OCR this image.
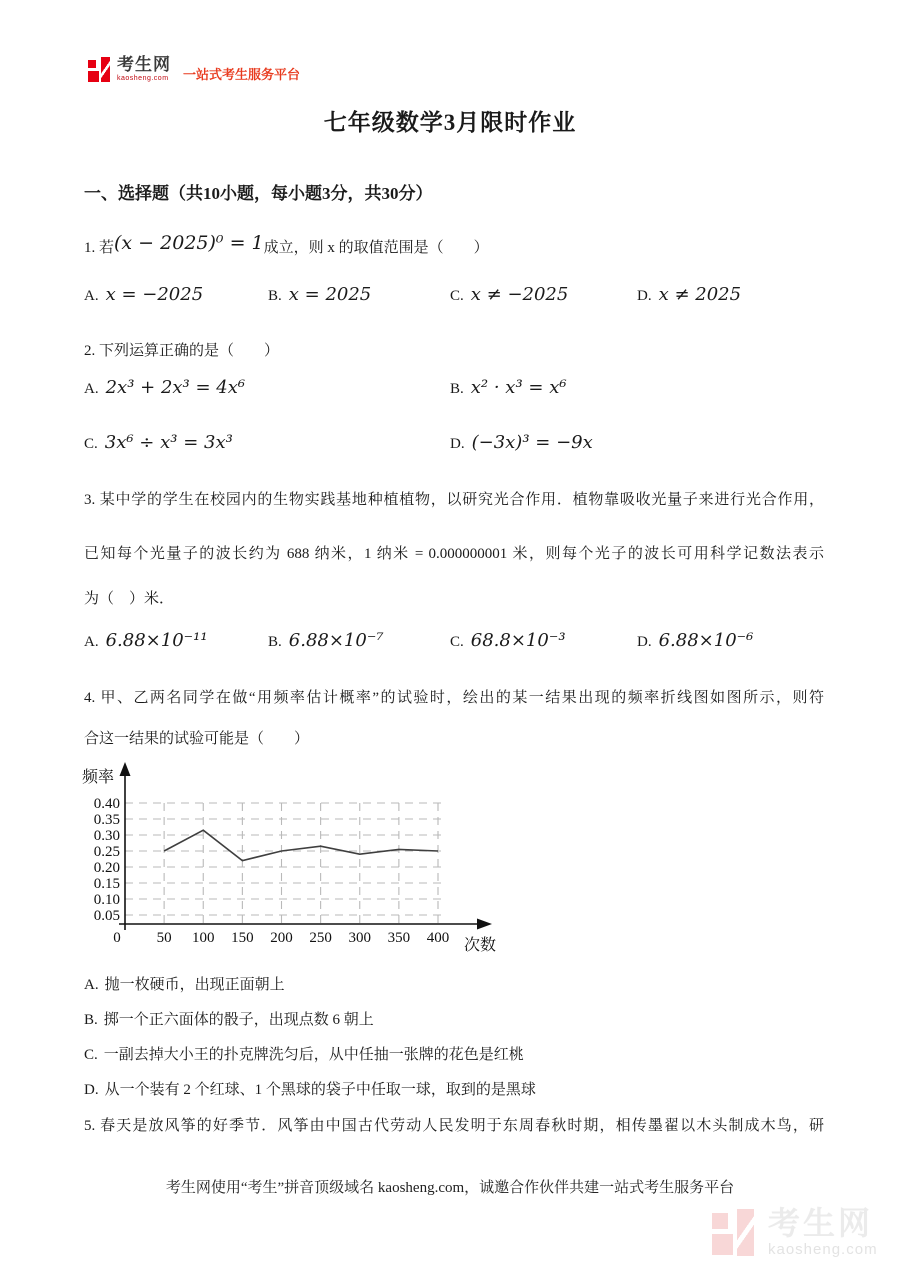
考生网
kaosheng.com 一站式考生服务平台
七年级数学3月限时作业
一、选择题（共10小题，每小题3分，共30分）
1. 若(x − 2025)⁰ = 1成立，则 x 的取值范围是（　　）
A. x = −2025	B. x = 2025	C. x ≠ −2025	D. x ≠ 2025
2. 下列运算正确的是（　　）
A. 2x³ + 2x³ = 4x⁶	B. x² · x³ = x⁶
C. 3x⁶ ÷ x³ = 3x³	D. (−3x)³ = −9x
3. 某中学的学生在校园内的生物实践基地种植植物，以研究光合作用．植物靠吸收光量子来进行光合作用，
已知每个光量子的波长约为 688 纳米，1 纳米 = 0.000000001 米，则每个光子的波长可用科学记数法表示
为（　）米．
A. 6.88×10⁻¹¹	B. 6.88×10⁻⁷	C. 68.8×10⁻³	D. 6.88×10⁻⁶
4. 甲、乙两名同学在做“用频率估计概率”的试验时，绘出的某一结果出现的频率折线图如图所示，则符
合这一结果的试验可能是（　　）
0.05
0.10
0.15
0.20
0.25
0.30
0.35
0.40
0 50 100 150 200 250 300 350 400
频率
次数
A. 抛一枚硬币，出现正面朝上
B. 掷一个正六面体的骰子，出现点数 6 朝上
C. 一副去掉大小王的扑克牌洗匀后，从中任抽一张牌的花色是红桃
D. 从一个装有 2 个红球、1 个黑球的袋子中任取一球，取到的是黑球
5. 春天是放风筝的好季节．风筝由中国古代劳动人民发明于东周春秋时期，相传墨翟以木头制成木鸟，研
考生网使用“考生”拼音顶级域名 kaosheng.com，诚邀合作伙伴共建一站式考生服务平台
考生网
kaosheng.com
